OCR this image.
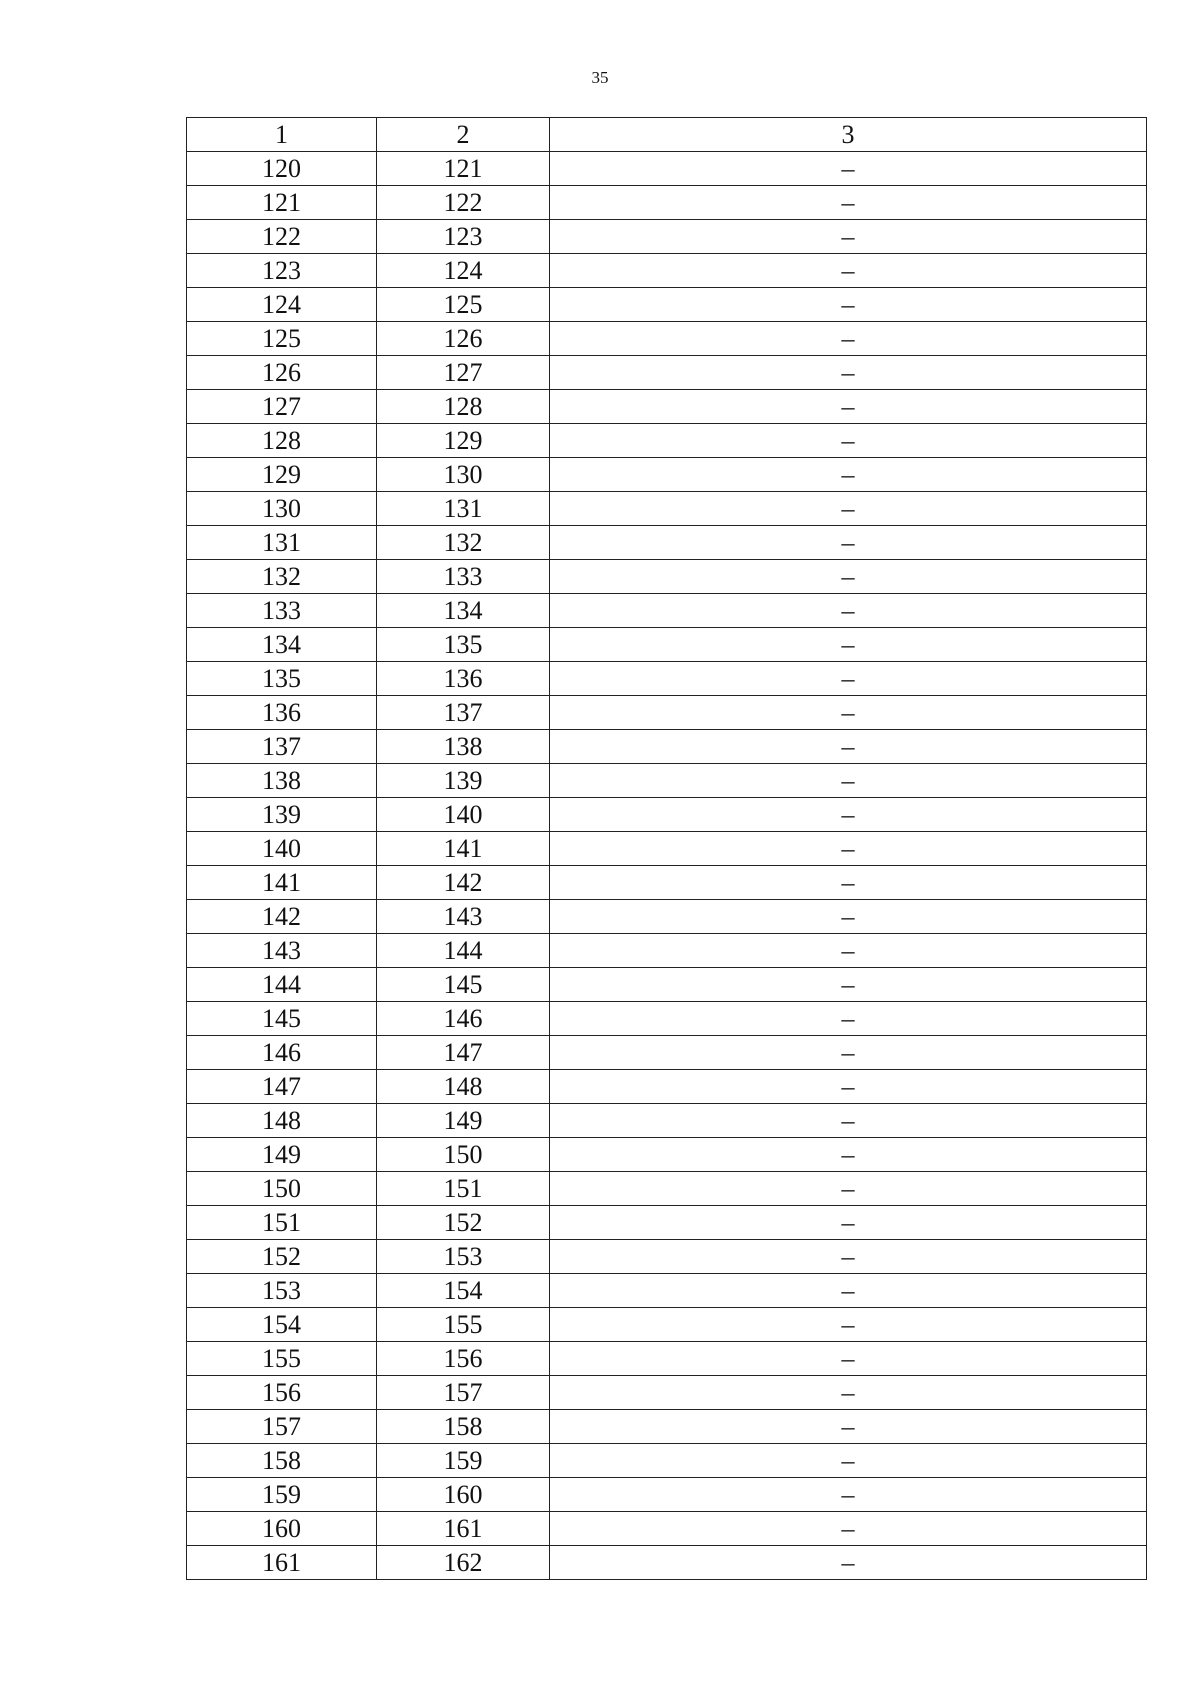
35
1	2	3
120	121	–
121	122	–
122	123	–
123	124	–
124	125	–
125	126	–
126	127	–
127	128	–
128	129	–
129	130	–
130	131	–
131	132	–
132	133	–
133	134	–
134	135	–
135	136	–
136	137	–
137	138	–
138	139	–
139	140	–
140	141	–
141	142	–
142	143	–
143	144	–
144	145	–
145	146	–
146	147	–
147	148	–
148	149	–
149	150	–
150	151	–
151	152	–
152	153	–
153	154	–
154	155	–
155	156	–
156	157	–
157	158	–
158	159	–
159	160	–
160	161	–
161	162	–
